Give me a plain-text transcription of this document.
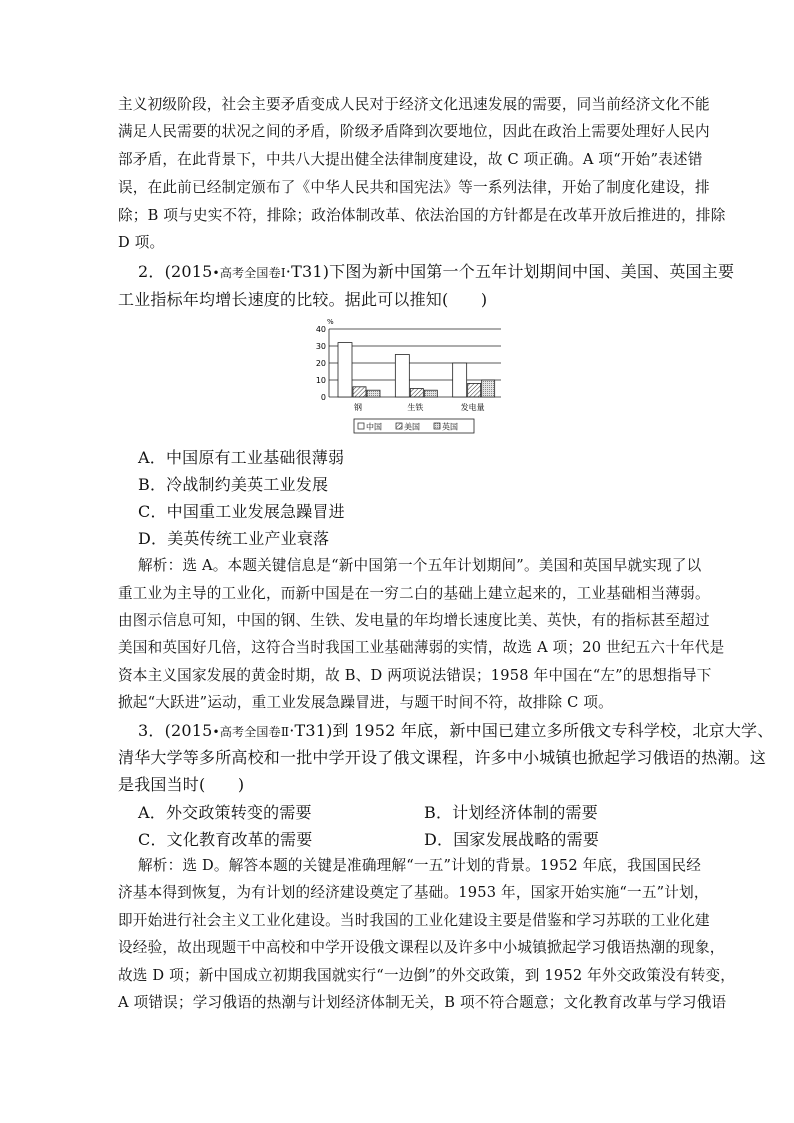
主义初级阶段，社会主要矛盾变成人民对于经济文化迅速发展的需要，同当前经济文化不能
满足人民需要的状况之间的矛盾，阶级矛盾降到次要地位，因此在政治上需要处理好人民内
部矛盾，在此背景下，中共八大提出健全法律制度建设，故 C 项正确。A 项“开始”表述错
误，在此前已经制定颁布了《中华人民共和国宪法》等一系列法律，开始了制度化建设，排
除；B 项与史实不符，排除；政治体制改革、依法治国的方针都是在改革开放后推进的，排除
D 项。
2．(2015•高考全国卷Ⅰ·T31)下图为新中国第一个五年计划期间中国、美国、英国主要
工业指标年均增长速度的比较。据此可以推知(　　)
%
0
10
20
30
40
钢	生铁	发电量
中国	美国	英国
A．中国原有工业基础很薄弱
B．冷战制约美英工业发展
C．中国重工业发展急躁冒进
D．美英传统工业产业衰落
解析：选 A。本题关键信息是“新中国第一个五年计划期间”。美国和英国早就实现了以
重工业为主导的工业化，而新中国是在一穷二白的基础上建立起来的，工业基础相当薄弱。
由图示信息可知，中国的钢、生铁、发电量的年均增长速度比美、英快，有的指标甚至超过
美国和英国好几倍，这符合当时我国工业基础薄弱的实情，故选 A 项；20 世纪五六十年代是
资本主义国家发展的黄金时期，故 B、D 两项说法错误；1958 年中国在“左”的思想指导下
掀起“大跃进”运动，重工业发展急躁冒进，与题干时间不符，故排除 C 项。
3．(2015•高考全国卷Ⅱ·T31)到 1952 年底，新中国已建立多所俄文专科学校，北京大学、
清华大学等多所高校和一批中学开设了俄文课程，许多中小城镇也掀起学习俄语的热潮。这
是我国当时(　　)
A．外交政策转变的需要	B．计划经济体制的需要
C．文化教育改革的需要	D．国家发展战略的需要
解析：选 D。解答本题的关键是准确理解“一五”计划的背景。1952 年底，我国国民经
济基本得到恢复，为有计划的经济建设奠定了基础。1953 年，国家开始实施“一五”计划，
即开始进行社会主义工业化建设。当时我国的工业化建设主要是借鉴和学习苏联的工业化建
设经验，故出现题干中高校和中学开设俄文课程以及许多中小城镇掀起学习俄语热潮的现象，
故选 D 项；新中国成立初期我国就实行“一边倒”的外交政策，到 1952 年外交政策没有转变，
A 项错误；学习俄语的热潮与计划经济体制无关，B 项不符合题意；文化教育改革与学习俄语
